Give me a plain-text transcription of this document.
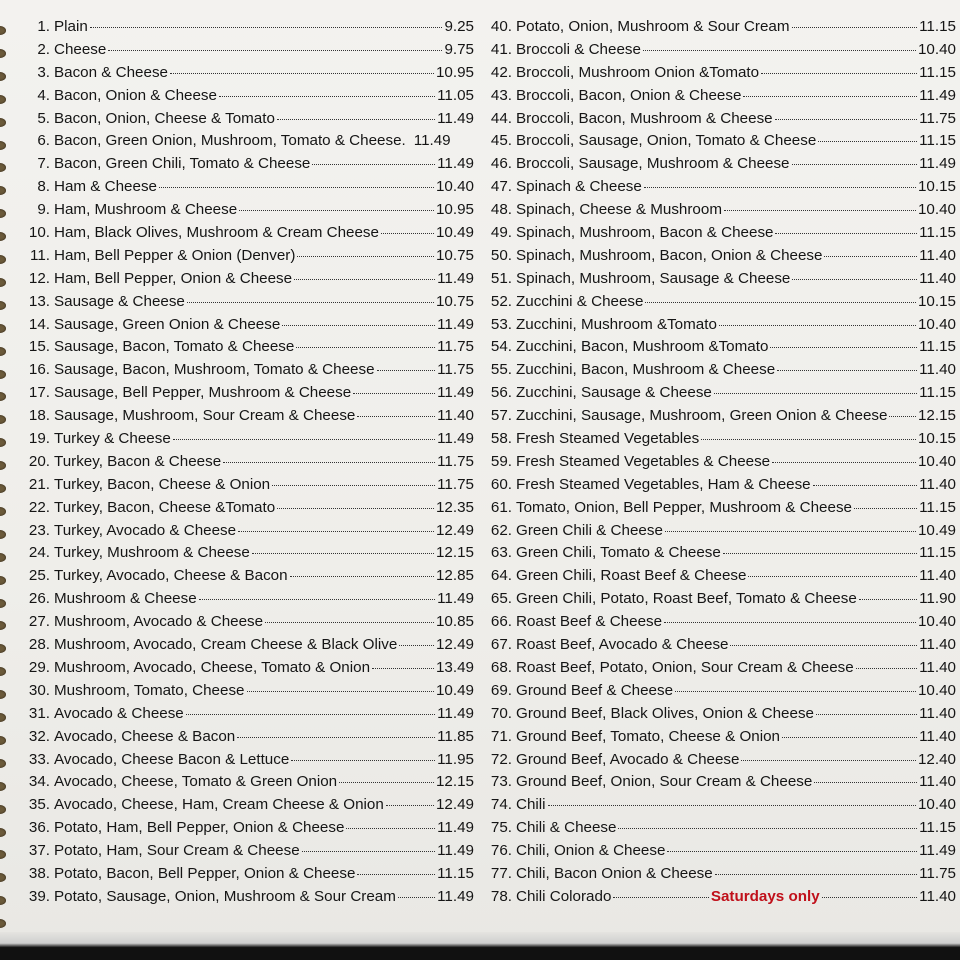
1. Plain	9.25
2. Cheese	9.75
3. Bacon & Cheese	10.95
4. Bacon, Onion & Cheese	11.05
5. Bacon, Onion, Cheese & Tomato	11.49
6. Bacon, Green Onion, Mushroom, Tomato & Cheese. 11.49
7. Bacon, Green Chili, Tomato & Cheese	11.49
8. Ham & Cheese	10.40
9. Ham, Mushroom & Cheese	10.95
10. Ham, Black Olives, Mushroom & Cream Cheese	10.49
11. Ham, Bell Pepper & Onion (Denver)	10.75
12. Ham, Bell Pepper, Onion & Cheese	11.49
13. Sausage & Cheese	10.75
14. Sausage, Green Onion & Cheese	11.49
15. Sausage, Bacon, Tomato & Cheese	11.75
16. Sausage, Bacon, Mushroom, Tomato & Cheese	11.75
17. Sausage, Bell Pepper, Mushroom & Cheese	11.49
18. Sausage, Mushroom, Sour Cream & Cheese	11.40
19. Turkey & Cheese	11.49
20. Turkey, Bacon & Cheese	11.75
21. Turkey, Bacon, Cheese & Onion	11.75
22. Turkey, Bacon, Cheese &Tomato	12.35
23. Turkey, Avocado & Cheese	12.49
24. Turkey, Mushroom & Cheese	12.15
25. Turkey, Avocado, Cheese & Bacon	12.85
26. Mushroom & Cheese	11.49
27. Mushroom, Avocado & Cheese	10.85
28. Mushroom, Avocado, Cream Cheese & Black Olive	12.49
29. Mushroom, Avocado, Cheese, Tomato & Onion	13.49
30. Mushroom, Tomato, Cheese	10.49
31. Avocado & Cheese	11.49
32. Avocado, Cheese & Bacon	11.85
33. Avocado, Cheese Bacon & Lettuce	11.95
34. Avocado, Cheese, Tomato & Green Onion	12.15
35. Avocado, Cheese, Ham, Cream Cheese & Onion	12.49
36. Potato, Ham, Bell Pepper, Onion & Cheese	11.49
37. Potato, Ham, Sour Cream & Cheese	11.49
38. Potato, Bacon, Bell Pepper, Onion & Cheese	11.15
39. Potato, Sausage, Onion, Mushroom & Sour Cream	11.49
40. Potato, Onion, Mushroom & Sour Cream	11.15
41. Broccoli & Cheese	10.40
42. Broccoli, Mushroom Onion &Tomato	11.15
43. Broccoli, Bacon, Onion & Cheese	11.49
44. Broccoli, Bacon, Mushroom & Cheese	11.75
45. Broccoli, Sausage, Onion, Tomato & Cheese	11.15
46. Broccoli, Sausage, Mushroom & Cheese	11.49
47. Spinach & Cheese	10.15
48. Spinach, Cheese & Mushroom	10.40
49. Spinach, Mushroom, Bacon & Cheese	11.15
50. Spinach, Mushroom, Bacon, Onion & Cheese	11.40
51. Spinach, Mushroom, Sausage & Cheese	11.40
52. Zucchini & Cheese	10.15
53. Zucchini, Mushroom &Tomato	10.40
54. Zucchini, Bacon, Mushroom &Tomato	11.15
55. Zucchini, Bacon, Mushroom & Cheese	11.40
56. Zucchini, Sausage & Cheese	11.15
57. Zucchini, Sausage, Mushroom, Green Onion & Cheese 12.15
58. Fresh Steamed Vegetables	10.15
59. Fresh Steamed Vegetables & Cheese	10.40
60. Fresh Steamed Vegetables, Ham & Cheese	11.40
61. Tomato, Onion, Bell Pepper, Mushroom & Cheese	11.15
62. Green Chili & Cheese	10.49
63. Green Chili, Tomato & Cheese	11.15
64. Green Chili, Roast Beef & Cheese	11.40
65. Green Chili, Potato, Roast Beef, Tomato & Cheese	11.90
66. Roast Beef & Cheese	10.40
67. Roast Beef, Avocado & Cheese	11.40
68. Roast Beef, Potato, Onion, Sour Cream & Cheese	11.40
69. Ground Beef & Cheese	10.40
70. Ground Beef, Black Olives, Onion & Cheese	11.40
71. Ground Beef, Tomato, Cheese & Onion	11.40
72. Ground Beef, Avocado & Cheese	12.40
73. Ground Beef, Onion, Sour Cream & Cheese	11.40
74. Chili	10.40
75. Chili & Cheese	11.15
76. Chili, Onion & Cheese	11.49
77. Chili, Bacon Onion & Cheese	11.75
78. Chili Colorado	Saturdays only	11.40
